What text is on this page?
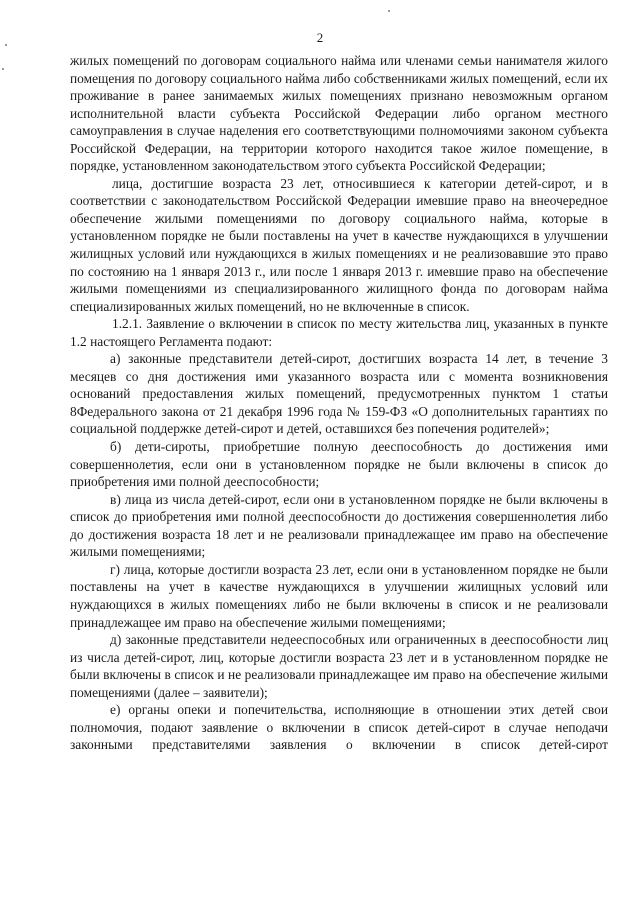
2

жилых помещений по договорам социального найма или членами семьи нанимателя жилого помещения по договору социального найма либо собственниками жилых помещений, если их проживание в ранее занимаемых жилых помещениях признано невозможным органом исполнительной власти субъекта Российской Федерации либо органом местного самоуправления в случае наделения его соответствующими полномочиями законом субъекта Российской Федерации, на территории которого находится такое жилое помещение, в порядке, установленном законодательством этого субъекта Российской Федерации;

лица, достигшие возраста 23 лет, относившиеся к категории детей-сирот, и в соответствии с законодательством Российской Федерации имевшие право на внеочередное обеспечение жилыми помещениями по договору социального найма, которые в установленном порядке не были поставлены на учет в качестве нуждающихся в улучшении жилищных условий или нуждающихся в жилых помещениях и не реализовавшие это право по состоянию на 1 января 2013 г., или после 1 января 2013 г. имевшие право на обеспечение жилыми помещениями из специализированного жилищного фонда по договорам найма специализированных жилых помещений, но не включенные в список.

1.2.1. Заявление о включении в список по месту жительства лиц, указанных в пункте 1.2 настоящего Регламента подают:

а) законные представители детей-сирот, достигших возраста 14 лет, в течение 3 месяцев со дня достижения ими указанного возраста или с момента возникновения оснований предоставления жилых помещений, предусмотренных пунктом 1 статьи 8Федерального закона от 21 декабря 1996 года № 159-ФЗ «О дополнительных гарантиях по социальной поддержке детей-сирот и детей, оставшихся без попечения родителей»;

б) дети-сироты, приобретшие полную дееспособность до достижения ими совершеннолетия, если они в установленном порядке не были включены в список до приобретения ими полной дееспособности;

в) лица из числа детей-сирот, если они в установленном порядке не были включены в список до приобретения ими полной дееспособности до достижения совершеннолетия либо до достижения возраста 18 лет и не реализовали принадлежащее им право на обеспечение жилыми помещениями;

г) лица, которые достигли возраста 23 лет, если они в установленном порядке не были поставлены на учет в качестве нуждающихся в улучшении жилищных условий или нуждающихся в жилых помещениях либо не были включены в список и не реализовали принадлежащее им право на обеспечение жилыми помещениями;

д) законные представители недееспособных или ограниченных в дееспособности лиц из числа детей-сирот, лиц, которые достигли возраста 23 лет и в установленном порядке не были включены в список и не реализовали принадлежащее им право на обеспечение жилыми помещениями (далее – заявители);

е) органы опеки и попечительства, исполняющие в отношении этих детей свои полномочия, подают заявление о включении в список детей-сирот в случае неподачи законными представителями заявления о включении в список детей-сирот
